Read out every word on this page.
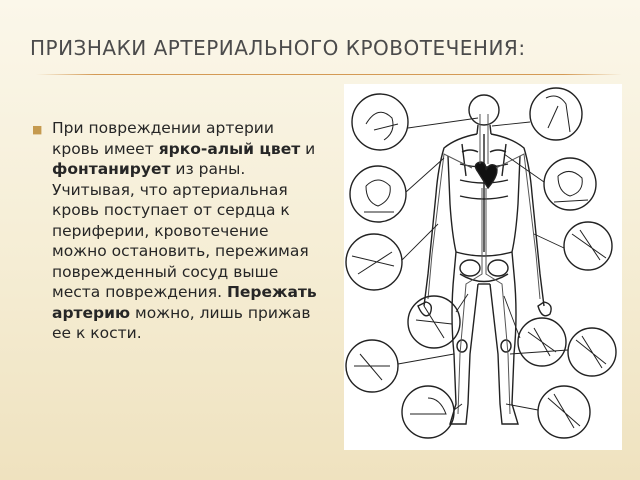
ПРИЗНАКИ АРТЕРИАЛЬНОГО КРОВОТЕЧЕНИЯ:
■ При повреждении артерии кровь имеет ярко-алый цвет и фонтанирует из раны. Учитывая, что артериальная кровь поступает от сердца к периферии, кровотечение можно остановить, пережимая поврежденный сосуд выше места повреждения. Пережать артерию можно, лишь прижав ее к кости.
